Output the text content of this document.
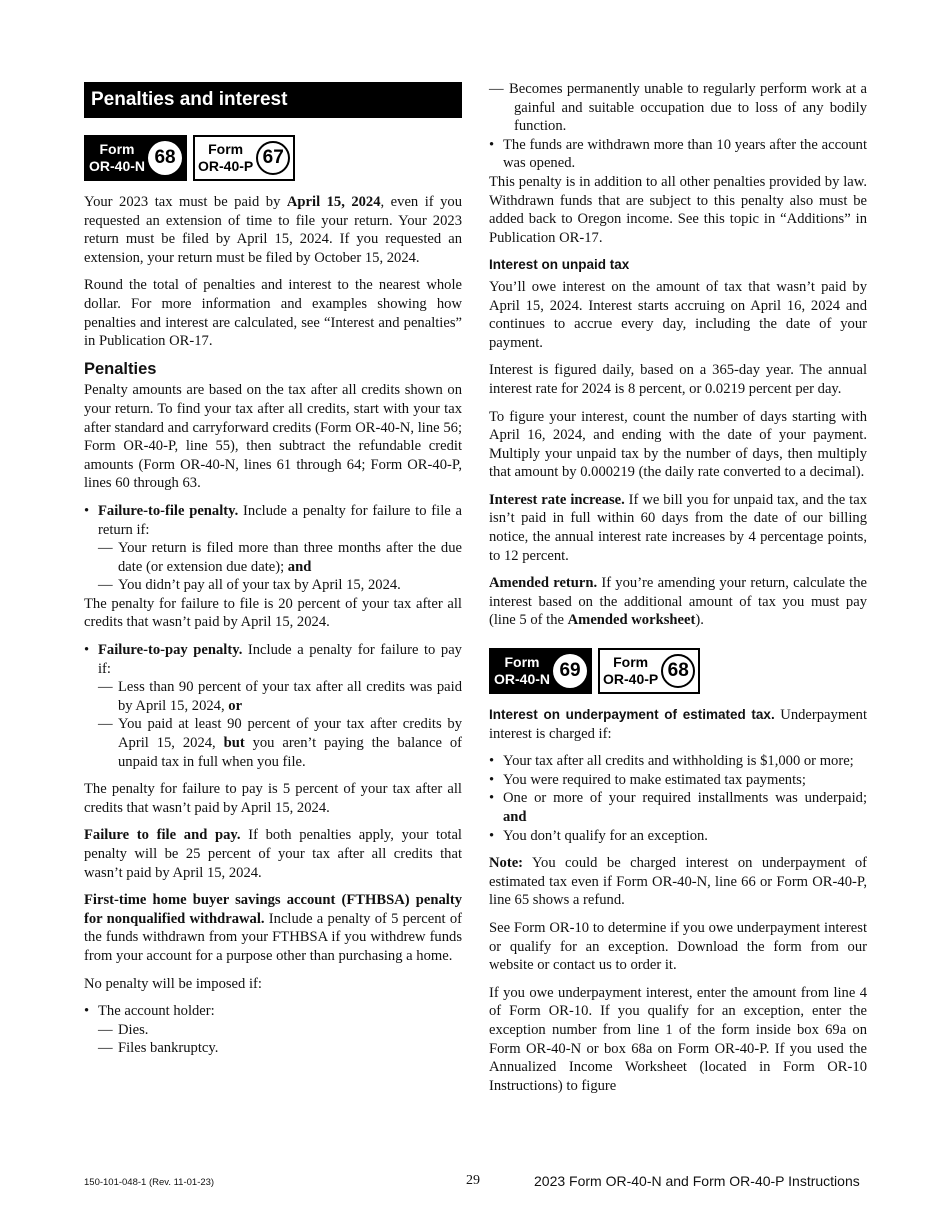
Penalties and interest
Form
OR-40-N 68	Form
OR-40-P 67

Your 2023 tax must be paid by April 15, 2024, even if you requested an extension of time to file your return. Your 2023 return must be filed by April 15, 2024. If you requested an extension, your return must be filed by October 15, 2024.

Round the total of penalties and interest to the nearest whole dollar. For more information and examples showing how penalties and interest are calculated, see “Interest and penalties” in Publication OR-17.

Penalties

Penalty amounts are based on the tax after all credits shown on your return. To find your tax after all credits, start with your tax after standard and carryforward credits (Form OR-40-N, line 56; Form OR-40-P, line 55), then subtract the refundable credit amounts (Form OR-40-N, lines 61 through 64; Form OR-40-P, lines 60 through 63.

• Failure-to-file penalty. Include a penalty for failure to file a return if:
— Your return is filed more than three months after the due date (or extension due date); and
— You didn’t pay all of your tax by April 15, 2024.

The penalty for failure to file is 20 percent of your tax after all credits that wasn’t paid by April 15, 2024.

• Failure-to-pay penalty. Include a penalty for failure to pay if:
— Less than 90 percent of your tax after all credits was paid by April 15, 2024, or
— You paid at least 90 percent of your tax after credits by April 15, 2024, but you aren’t paying the balance of unpaid tax in full when you file.

The penalty for failure to pay is 5 percent of your tax after all credits that wasn’t paid by April 15, 2024.

Failure to file and pay. If both penalties apply, your total penalty will be 25 percent of your tax after all credits that wasn’t paid by April 15, 2024.

First-time home buyer savings account (FTHBSA) penalty for nonqualified withdrawal. Include a penalty of 5 percent of the funds withdrawn from your FTHBSA if you withdrew funds from your account for a purpose other than purchasing a home.

No penalty will be imposed if:

• The account holder:
— Dies.
— Files bankruptcy.
— Becomes permanently unable to regularly perform work at a gainful and suitable occupation due to loss of any bodily function.
• The funds are withdrawn more than 10 years after the account was opened.

This penalty is in addition to all other penalties provided by law. Withdrawn funds that are subject to this penalty also must be added back to Oregon income. See this topic in “Additions” in Publication OR-17.

Interest on unpaid tax

You’ll owe interest on the amount of tax that wasn’t paid by April 15, 2024. Interest starts accruing on April 16, 2024 and continues to accrue every day, including the date of your payment.

Interest is figured daily, based on a 365-day year. The annual interest rate for 2024 is 8 percent, or 0.0219 percent per day.

To figure your interest, count the number of days starting with April 16, 2024, and ending with the date of your payment. Multiply your unpaid tax by the number of days, then multiply that amount by 0.000219 (the daily rate converted to a decimal).

Interest rate increase. If we bill you for unpaid tax, and the tax isn’t paid in full within 60 days from the date of our billing notice, the annual interest rate increases by 4 percentage points, to 12 percent.

Amended return. If you’re amending your return, calculate the interest based on the additional amount of tax you must pay (line 5 of the Amended worksheet).

Form
OR-40-N 69	Form
OR-40-P 68

Interest on underpayment of estimated tax. Underpayment interest is charged if:

• Your tax after all credits and withholding is $1,000 or more;
• You were required to make estimated tax payments;
• One or more of your required installments was underpaid; and
• You don’t qualify for an exception.

Note: You could be charged interest on underpayment of estimated tax even if Form OR-40-N, line 66 or Form OR-40-P, line 65 shows a refund.

See Form OR-10 to determine if you owe underpayment interest or qualify for an exception. Download the form from our website or contact us to order it.

If you owe underpayment interest, enter the amount from line 4 of Form OR-10. If you qualify for an exception, enter the exception number from line 1 of the form inside box 69a on Form OR-40-N or box 68a on Form OR-40-P. If you used the Annualized Income Worksheet (located in Form OR-10 Instructions) to figure

150-101-048-1 (Rev. 11-01-23)	29	2023 Form OR-40-N and Form OR-40-P Instructions
